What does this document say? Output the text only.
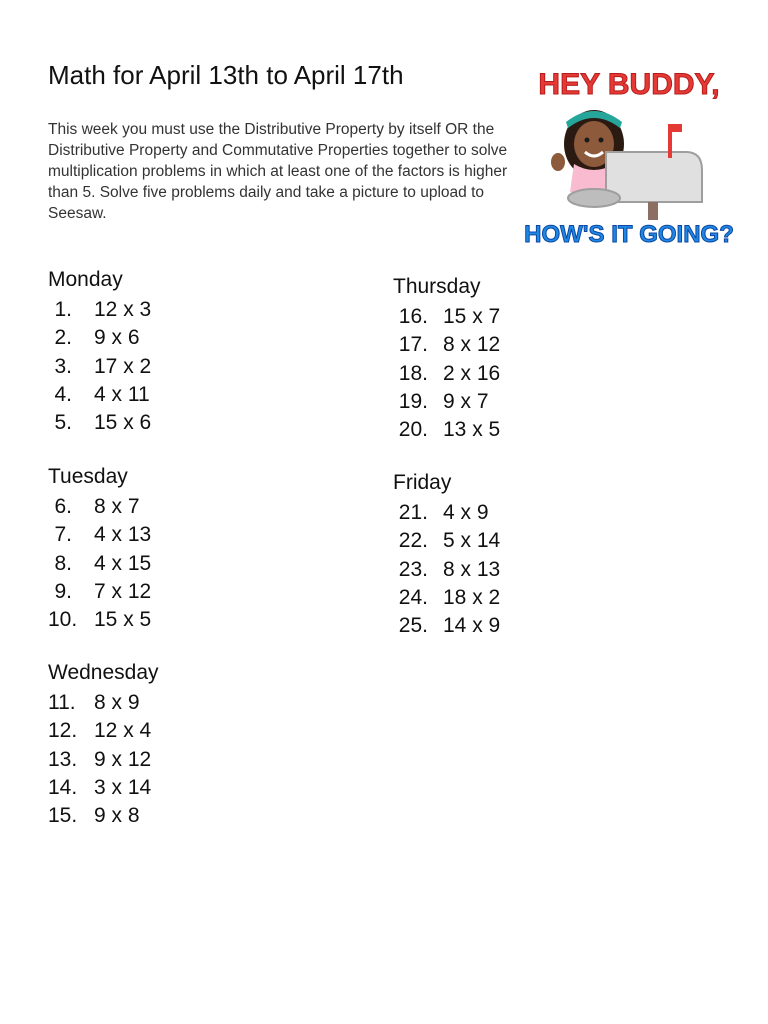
Math for April 13th to April 17th

This week you must use the Distributive Property by itself OR the Distributive Property and Commutative Properties together to solve multiplication problems in which at least one of the factors is higher than 5. Solve five problems daily and take a picture to upload to Seesaw.

HEY BUDDY,
HOW'S IT GOING?
Monday
1. 12 x 3
2. 9 x 6
3. 17 x 2
4. 4 x 11
5. 15 x 6
Tuesday
6. 8 x 7
7. 4 x 13
8. 4 x 15
9. 7 x 12
10. 15 x 5
Wednesday
11. 8 x 9
12. 12 x 4
13. 9 x 12
14. 3 x 14
15. 9 x 8
Thursday
16. 15 x 7
17. 8 x 12
18. 2 x 16
19. 9 x 7
20. 13 x 5
Friday
21. 4 x 9
22. 5 x 14
23. 8 x 13
24. 18 x 2
25. 14 x 9
